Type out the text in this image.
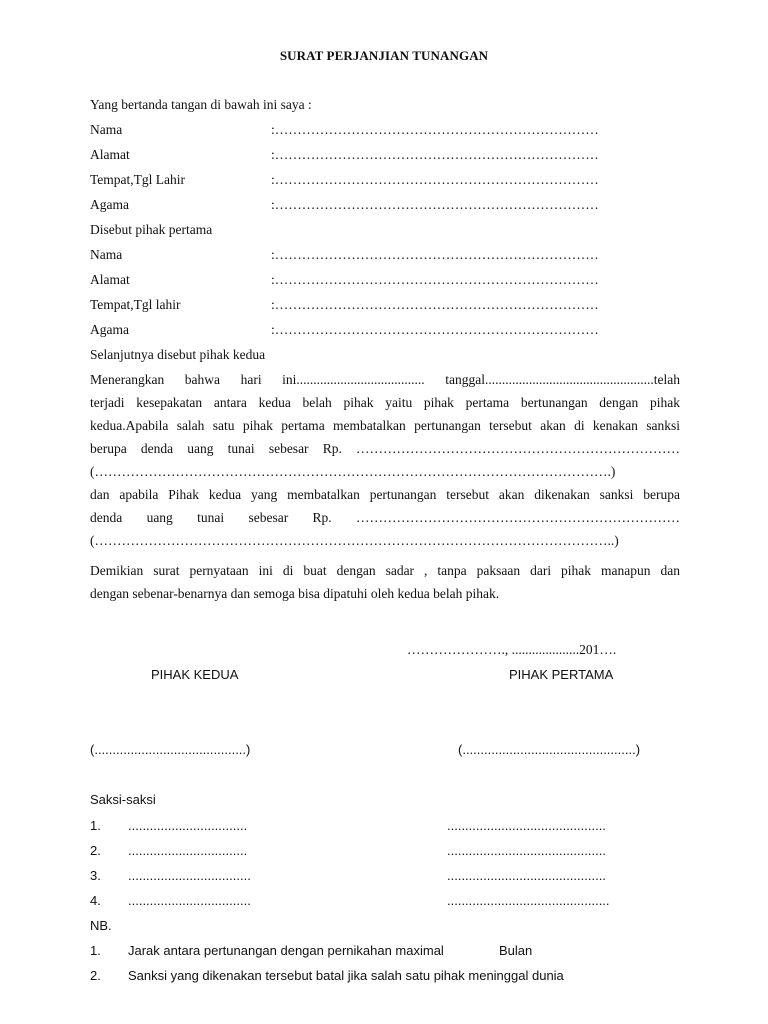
SURAT PERJANJIAN TUNANGAN
Yang bertanda tangan di bawah ini saya :
Nama	:………………………………………………………………
Alamat	:………………………………………………………………
Tempat,Tgl Lahir	:………………………………………………………………
Agama	:………………………………………………………………
Disebut pihak pertama
Nama	:………………………………………………………………
Alamat	:………………………………………………………………
Tempat,Tgl lahir	:………………………………………………………………
Agama	:………………………………………………………………
Selanjutnya disebut pihak kedua
Menerangkan bahwa hari ini...................................... tanggal..................................................telah
terjadi kesepakatan antara kedua belah pihak yaitu pihak pertama bertunangan dengan pihak
kedua.Apabila salah satu pihak pertama membatalkan pertunangan tersebut akan di kenakan sanksi
berupa denda uang tunai sebesar Rp. ………………………………………………………………
(…………………………………………………………………………………………………….)
dan apabila Pihak kedua yang membatalkan pertunangan tersebut akan dikenakan sanksi berupa
denda uang tunai sebesar Rp. ………………………………………………………………
(……………………………………………………………………………………………………..)
Demikian surat pernyataan ini di buat dengan sadar , tanpa paksaan dari pihak manapun dan
dengan sebenar-benarnya dan semoga bisa dipatuhi oleh kedua belah pihak.
…………………., ....................201….
PIHAK KEDUA	PIHAK PERTAMA
(..........................................)	(................................................)
Saksi-saksi
1. .................................	............................................
2. .................................	............................................
3. ..................................	............................................
4. ..................................	.............................................
NB.
1. Jarak antara pertunangan dengan pernikahan maximal	Bulan
2. Sanksi yang dikenakan tersebut batal jika salah satu pihak meninggal dunia
